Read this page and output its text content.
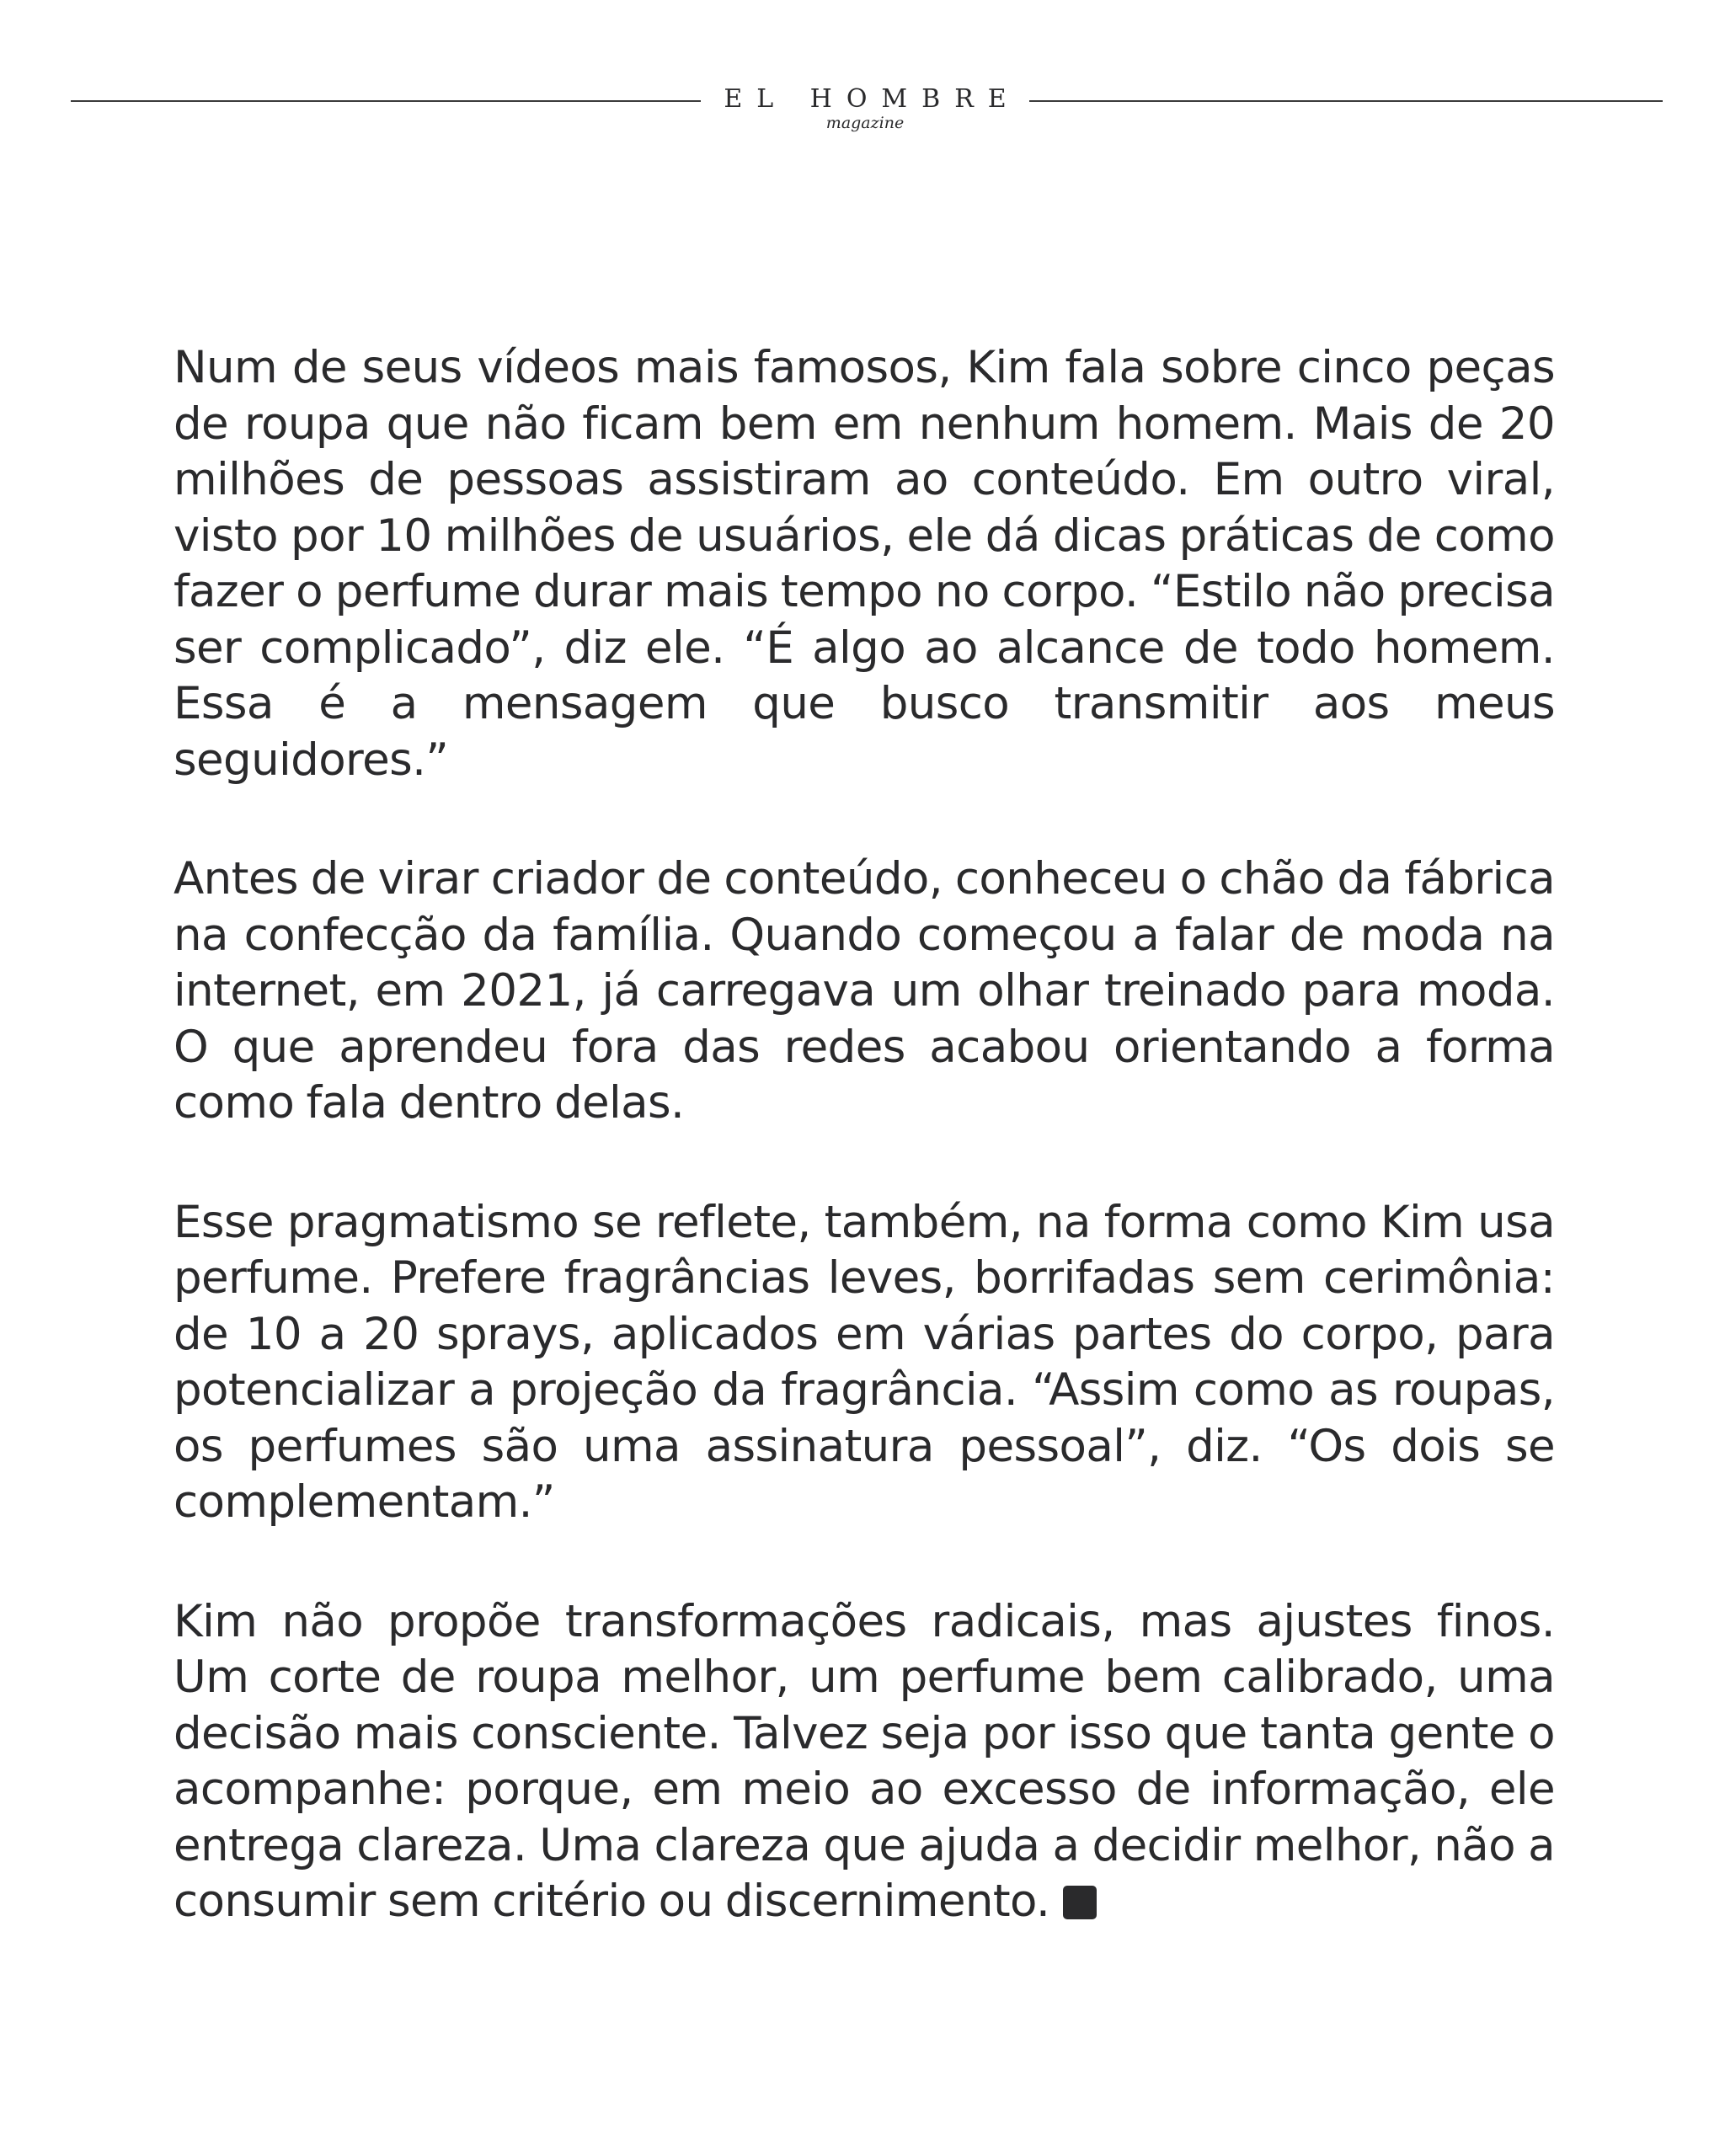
EL HOMBRE
magazine

Num de seus vídeos mais famosos, Kim fala sobre cinco peças de roupa que não ficam bem em nenhum homem. Mais de 20 milhões de pessoas assistiram ao conteúdo. Em outro viral, visto por 10 milhões de usuários, ele dá dicas práticas de como fazer o perfume durar mais tempo no corpo. “Estilo não precisa ser complicado”, diz ele. “É algo ao alcance de todo homem. Essa é a mensagem que busco transmitir aos meus seguidores.”

Antes de virar criador de conteúdo, conheceu o chão da fábrica na confecção da família. Quando começou a falar de moda na internet, em 2021, já carregava um olhar treinado para moda. O que aprendeu fora das redes acabou orientando a forma como fala dentro delas.

Esse pragmatismo se reflete, também, na forma como Kim usa perfume. Prefere fragrâncias leves, borrifadas sem cerimônia: de 10 a 20 sprays, aplicados em várias partes do corpo, para potencializar a projeção da fragrância. “Assim como as roupas, os perfumes são uma assinatura pessoal”, diz. “Os dois se complementam.”

Kim não propõe transformações radicais, mas ajustes finos. Um corte de roupa melhor, um perfume bem calibrado, uma decisão mais consciente. Talvez seja por isso que tanta gente o acompanhe: porque, em meio ao excesso de informação, ele entrega clareza. Uma clareza que ajuda a decidir melhor, não a consumir sem critério ou discernimento.
